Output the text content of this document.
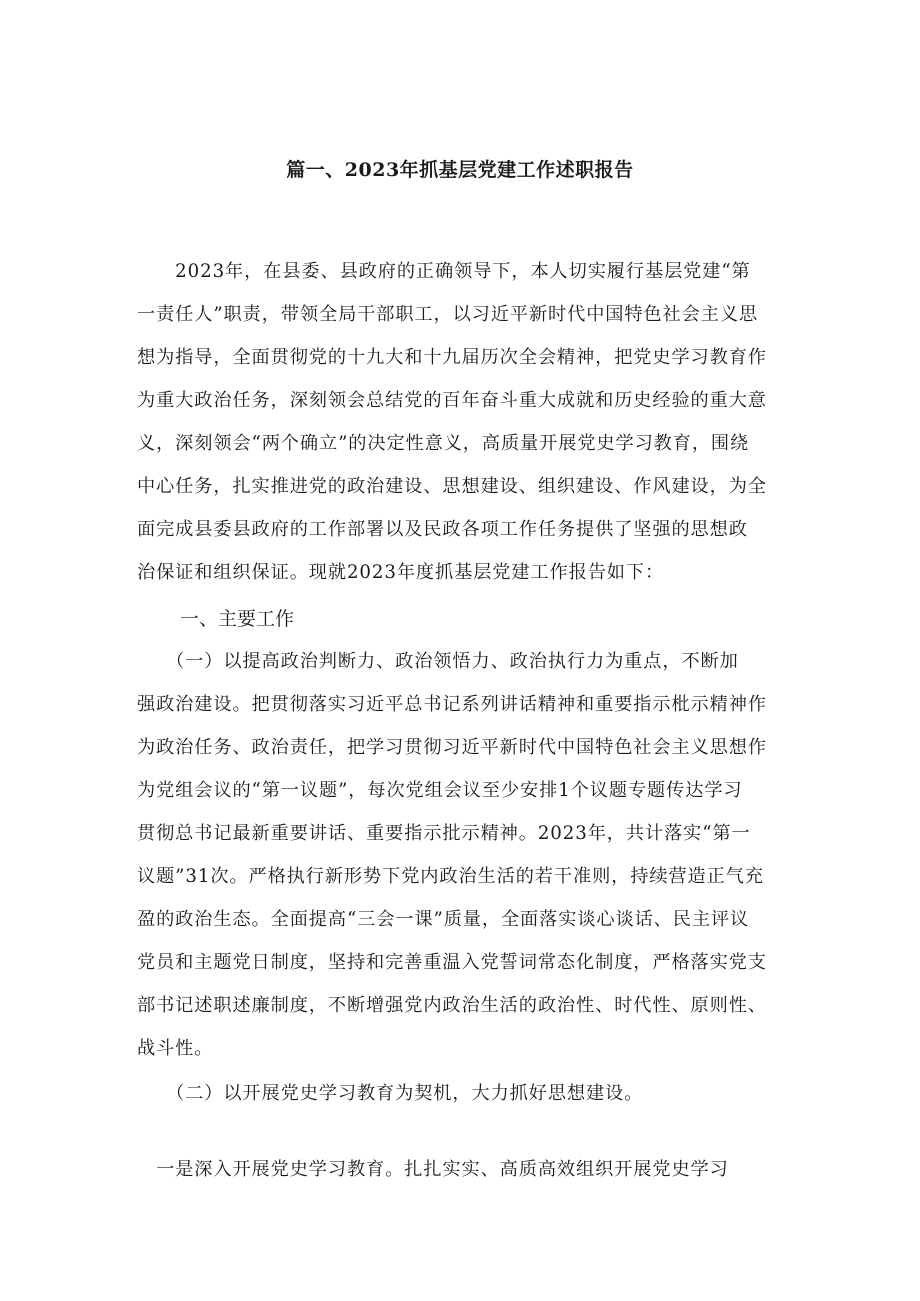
篇一、2023年抓基层党建工作述职报告
　　2023年，在县委、县政府的正确领导下，本人切实履行基层党建“第
一责任人”职责，带领全局干部职工，以习近平新时代中国特色社会主义思
想为指导，全面贯彻党的十九大和十九届历次全会精神，把党史学习教育作
为重大政治任务，深刻领会总结党的百年奋斗重大成就和历史经验的重大意
义，深刻领会“两个确立”的决定性意义，高质量开展党史学习教育，围绕
中心任务，扎实推进党的政治建设、思想建设、组织建设、作风建设，为全
面完成县委县政府的工作部署以及民政各项工作任务提供了坚强的思想政
治保证和组织保证。现就2023年度抓基层党建工作报告如下：
一、主要工作
　　（一）以提高政治判断力、政治领悟力、政治执行力为重点，不断加
强政治建设。把贯彻落实习近平总书记系列讲话精神和重要指示枇示精神作
为政治任务、政治责任，把学习贯彻习近平新时代中国特色社会主义思想作
为党组会议的“第一议题”，每次党组会议至少安排1个议题专题传达学习
贯彻总书记最新重要讲话、重要指示批示精神。2023年，共计落实“第一
议题”31次。严格执行新形势下党内政治生活的若干准则，持续营造正气充
盈的政治生态。全面提高“三会一课”质量，全面落实谈心谈话、民主评议
党员和主题党日制度，坚持和完善重温入党誓词常态化制度，严格落实党支
部书记述职述廉制度，不断增强党内政治生活的政治性、时代性、原则性、
战斗性。
　　（二）以开展党史学习教育为契机，大力抓好思想建设。
　一是深入开展党史学习教育。扎扎实实、高质高效组织开展党史学习
